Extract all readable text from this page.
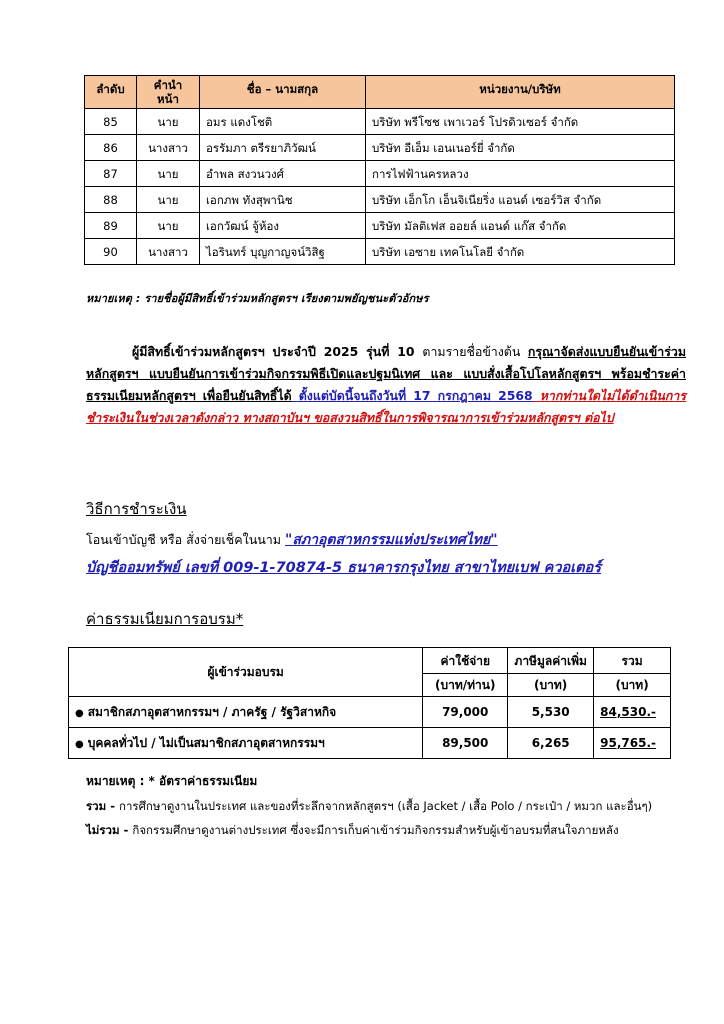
ลำดับ	คำนำหน้า	ชื่อ – นามสกุล	หน่วยงาน/บริษัท

85	นาย	อมร แดงโชติ	บริษัท พรีโซช เพาเวอร์ โปรดิวเซอร์ จำกัด
86	นางสาว	อรรัมภา ตรีรยาภิวัฒน์	บริษัท อีเอ็ม เอนเนอร์ยี่ จำกัด
87	นาย	อำพล สงวนวงศ์	การไฟฟ้านครหลวง
88	นาย	เอกภพ ทังสุพานิช	บริษัท เอ็กโก เอ็นจิเนียริ่ง แอนด์ เซอร์วิส จำกัด
89	นาย	เอกวัฒน์ จู้ห้อง	บริษัท มัลติเฟส ออยล์ แอนด์ แก๊ส จำกัด
90	นางสาว	ไอรินทร์ บุญกาญจน์วิสิฐ	บริษัท เอซาย เทคโนโลยี จำกัด
หมายเหตุ : รายชื่อผู้มีสิทธิ์เข้าร่วมหลักสูตรฯ เรียงตามพยัญชนะตัวอักษร
ผู้มีสิทธิ์เข้าร่วมหลักสูตรฯ ประจำปี 2025 รุ่นที่ 10 ตามรายชื่อข้างต้น กรุณาจัดส่งแบบยืนยันเข้าร่วมหลักสูตรฯ แบบยืนยันการเข้าร่วมกิจกรรมพิธีเปิดและปฐมนิเทศ และ แบบสั่งเสื้อโปโลหลักสูตรฯ พร้อมชำระค่าธรรมเนียมหลักสูตรฯ เพื่อยืนยันสิทธิ์ได้ ตั้งแต่บัดนี้จนถึงวันที่ 17 กรกฎาคม 2568 หากท่านใดไม่ได้ดำเนินการชำระเงินในช่วงเวลาดังกล่าว ทางสถาบันฯ ขอสงวนสิทธิ์ในการพิจารณาการเข้าร่วมหลักสูตรฯ ต่อไป
วิธีการชำระเงิน
โอนเข้าบัญชี หรือ สั่งจ่ายเช็คในนาม "สภาอุตสาหกรรมแห่งประเทศไทย"
บัญชีออมทรัพย์ เลขที่ 009-1-70874-5 ธนาคารกรุงไทย สาขาไทยเบฟ ควอเตอร์
ค่าธรรมเนียมการอบรม*
ผู้เข้าร่วมอบรม	ค่าใช้จ่าย	ภาษีมูลค่าเพิ่ม	รวม
	(บาท/ท่าน)	(บาท)	(บาท)
● สมาชิกสภาอุตสาหกรรมฯ / ภาครัฐ / รัฐวิสาหกิจ	79,000	5,530	84,530.-
● บุคคลทั่วไป / ไม่เป็นสมาชิกสภาอุตสาหกรรมฯ	89,500	6,265	95,765.-
หมายเหตุ : * อัตราค่าธรรมเนียม
รวม - การศึกษาดูงานในประเทศ และของที่ระลึกจากหลักสูตรฯ (เสื้อ Jacket / เสื้อ Polo / กระเป๋า / หมวก และอื่นๆ)
ไม่รวม - กิจกรรมศึกษาดูงานต่างประเทศ ซึ่งจะมีการเก็บค่าเข้าร่วมกิจกรรมสำหรับผู้เข้าอบรมที่สนใจภายหลัง
